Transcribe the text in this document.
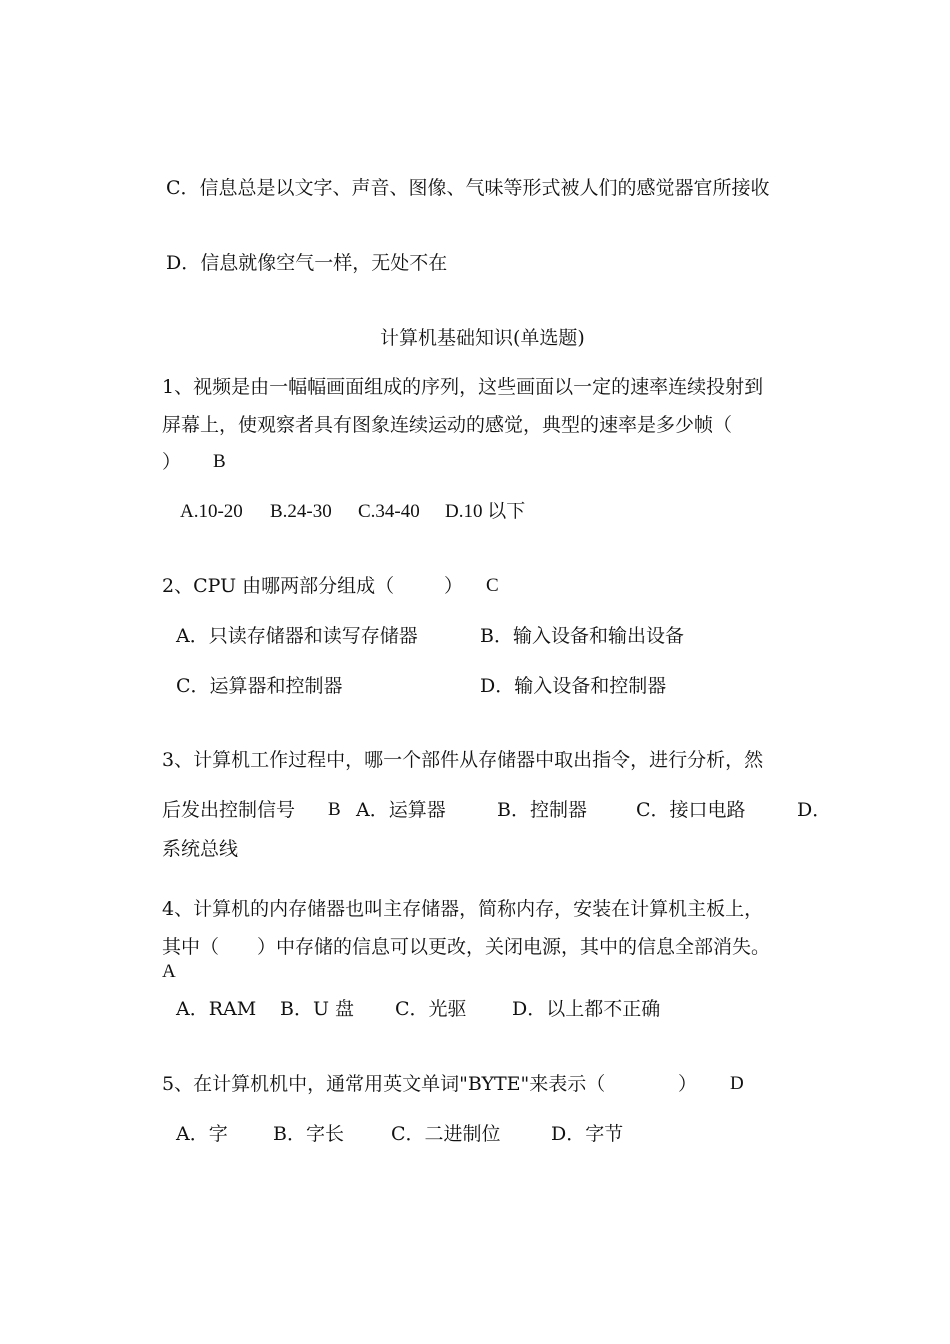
C．信息总是以文字、声音、图像、气味等形式被人们的感觉器官所接收

D．信息就像空气一样，无处不在

计算机基础知识(单选题)

1、视频是由一幅幅画面组成的序列，这些画面以一定的速率连续投射到

屏幕上，使观察者具有图象连续运动的感觉，典型的速率是多少帧（

） B

A.10-20 B.24-30 C.34-40 D.10 以下

2、CPU 由哪两部分组成（	） C

A．只读存储器和读写存储器	B．输入设备和输出设备

C．运算器和控制器	D．输入设备和控制器

3、计算机工作过程中，哪一个部件从存储器中取出指令，进行分析，然

后发出控制信号 B A．运算器	B．控制器	C．接口电路	D．

系统总线

4、计算机的内存储器也叫主存储器，简称内存，安装在计算机主板上，

其中（　　）中存储的信息可以更改，关闭电源，其中的信息全部消失。

A

A．RAM B．U 盘 C．光驱 D．以上都不正确

5、在计算机机中，通常用英文单词"BYTE"来表示（	） D

A．字 B．字长 C．二进制位	D．字节
